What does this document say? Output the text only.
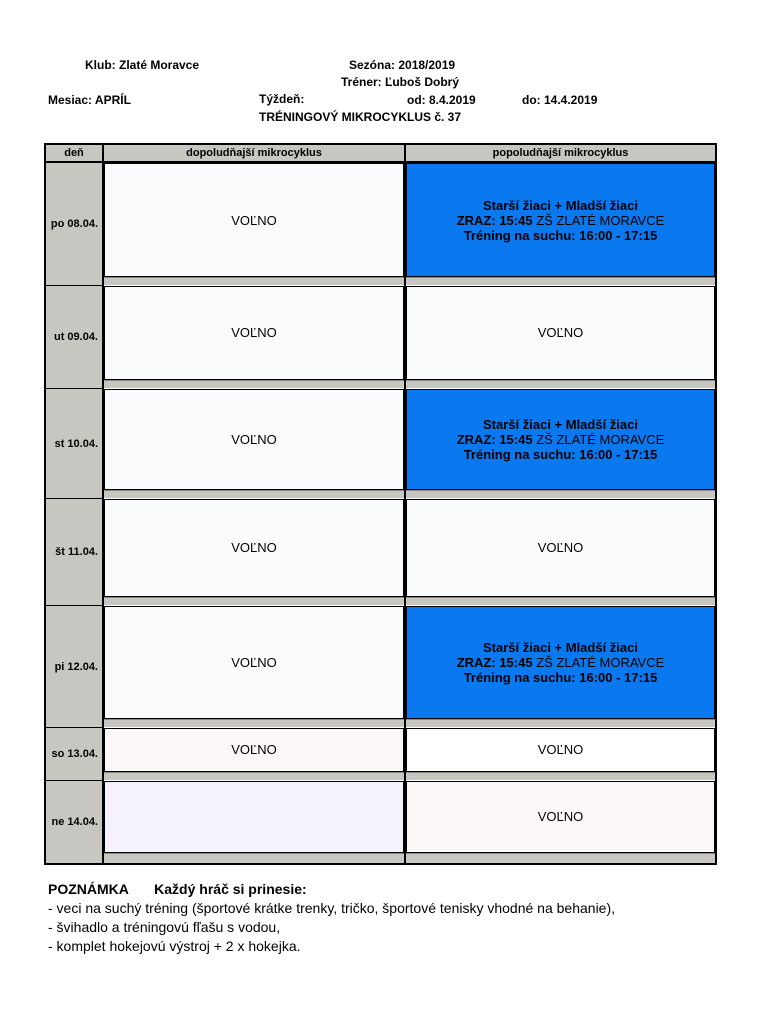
Klub: Zlaté Moravce	Sezóna: 2018/2019
Tréner: Ľuboš Dobrý
Mesiac: APRÍL	Týždeň:	od: 8.4.2019	do: 14.4.2019
TRÉNINGOVÝ MIKROCYKLUS č. 37
deň	dopoludňajší mikrocyklus	popoludňajší mikrocyklus
po 08.04.	VOĽNO	Starší žiaci + Mladší žiaci
ZRAZ: 15:45 ZŠ ZLATÉ MORAVCE
Tréning na suchu: 16:00 - 17:15

ut 09.04.	VOĽNO	VOĽNO

st 10.04.	VOĽNO	Starší žiaci + Mladší žiaci
ZRAZ: 15:45 ZŠ ZLATÉ MORAVCE
Tréning na suchu: 16:00 - 17:15

št 11.04.	VOĽNO	VOĽNO

pi 12.04.	VOĽNO	Starší žiaci + Mladší žiaci
ZRAZ: 15:45 ZŠ ZLATÉ MORAVCE
Tréning na suchu: 16:00 - 17:15

so 13.04.	VOĽNO	VOĽNO

ne 14.04.		VOĽNO
POZNÁMKA Každý hráč si prinesie:
- veci na suchý tréning (športové krátke trenky, tričko, športové tenisky vhodné na behanie),
- švihadlo a tréningovú fľašu s vodou,
- komplet hokejovú výstroj + 2 x hokejka.
